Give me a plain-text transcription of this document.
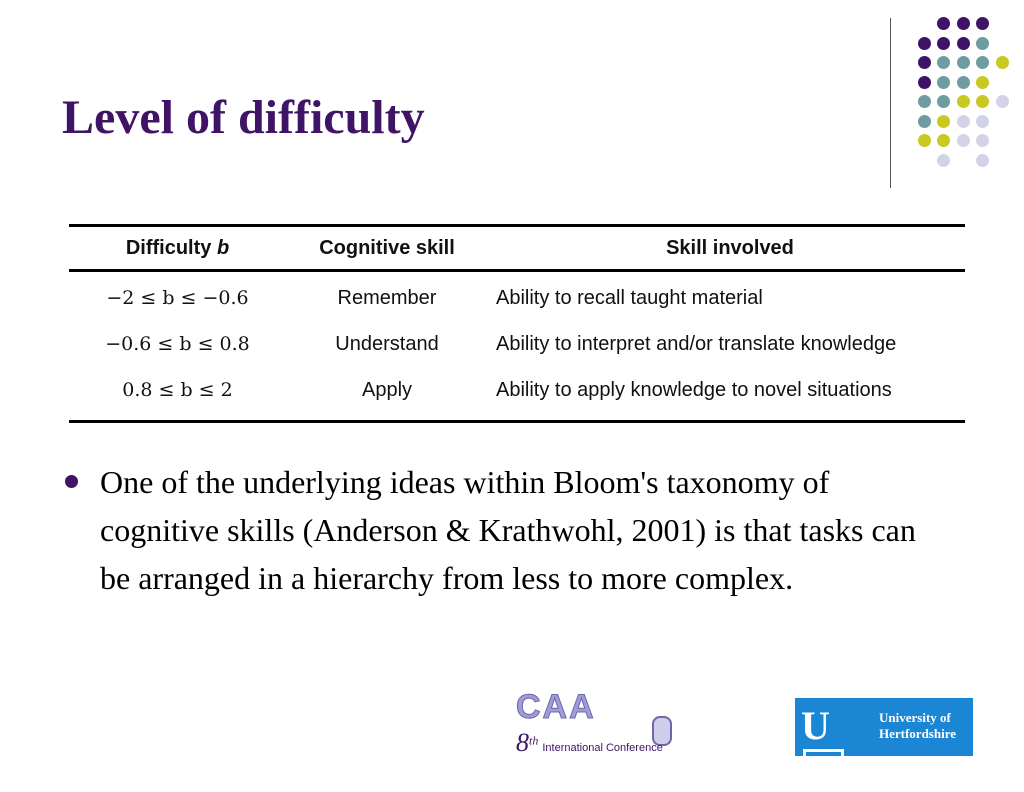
Level of difficulty
Difficulty b	Cognitive skill	Skill involved
−2 ≤ b ≤ −0.6	Remember	Ability to recall taught material
−0.6 ≤ b ≤ 0.8	Understand	Ability to interpret and/or translate knowledge
0.8 ≤ b ≤ 2	Apply	Ability to apply knowledge to novel situations
One of the underlying ideas within Bloom's taxonomy of cognitive skills (Anderson & Krathwohl, 2001) is that tasks can be arranged in a hierarchy from less to more complex.
CAA
8th International Conference	UH
University of
Hertfordshire
